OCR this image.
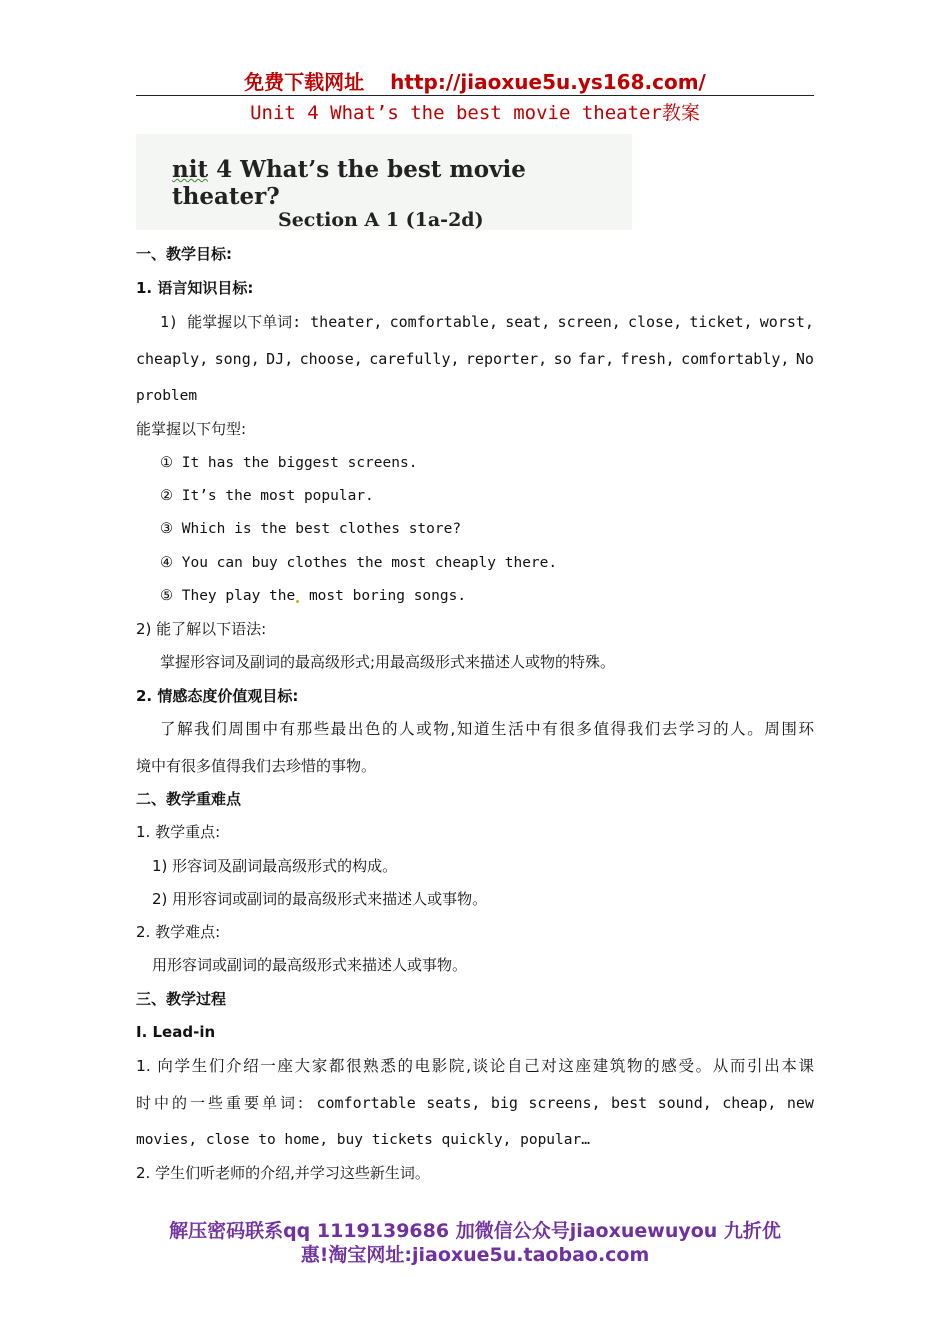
免费下载网址 http://jiaoxue5u.ys168.com/
Unit 4 What’s the best movie theater教案
nit 4 What’s the best movie theater?
Section A 1 (1a-2d)
一、教学目标:
1. 语言知识目标:
1) 能掌握以下单词: theater, comfortable, seat, screen, close, ticket, worst,
cheaply, song, DJ, choose, carefully, reporter, so far, fresh, comfortably, No
problem
能掌握以下句型:
① It has the biggest screens.
② It’s the most popular.
③ Which is the best clothes store?
④ You can buy clothes the most cheaply there.
⑤ They play the most boring songs.
2) 能了解以下语法:
掌握形容词及副词的最高级形式;用最高级形式来描述人或物的特殊。
2. 情感态度价值观目标:
了解我们周围中有那些最出色的人或物,知道生活中有很多值得我们去学习的人。周围环
境中有很多值得我们去珍惜的事物。
二、教学重难点
1. 教学重点:
1) 形容词及副词最高级形式的构成。
2) 用形容词或副词的最高级形式来描述人或事物。
2. 教学难点:
用形容词或副词的最高级形式来描述人或事物。
三、教学过程
Ⅰ. Lead-in
1. 向学生们介绍一座大家都很熟悉的电影院,谈论自己对这座建筑物的感受。从而引出本课
时中的一些重要单词: comfortable seats, big screens, best sound, cheap, new
movies, close to home, buy tickets quickly, popular…
2. 学生们听老师的介绍,并学习这些新生词。
解压密码联系qq 1119139686 加微信公众号jiaoxuewuyou 九折优
惠!淘宝网址:jiaoxue5u.taobao.com
